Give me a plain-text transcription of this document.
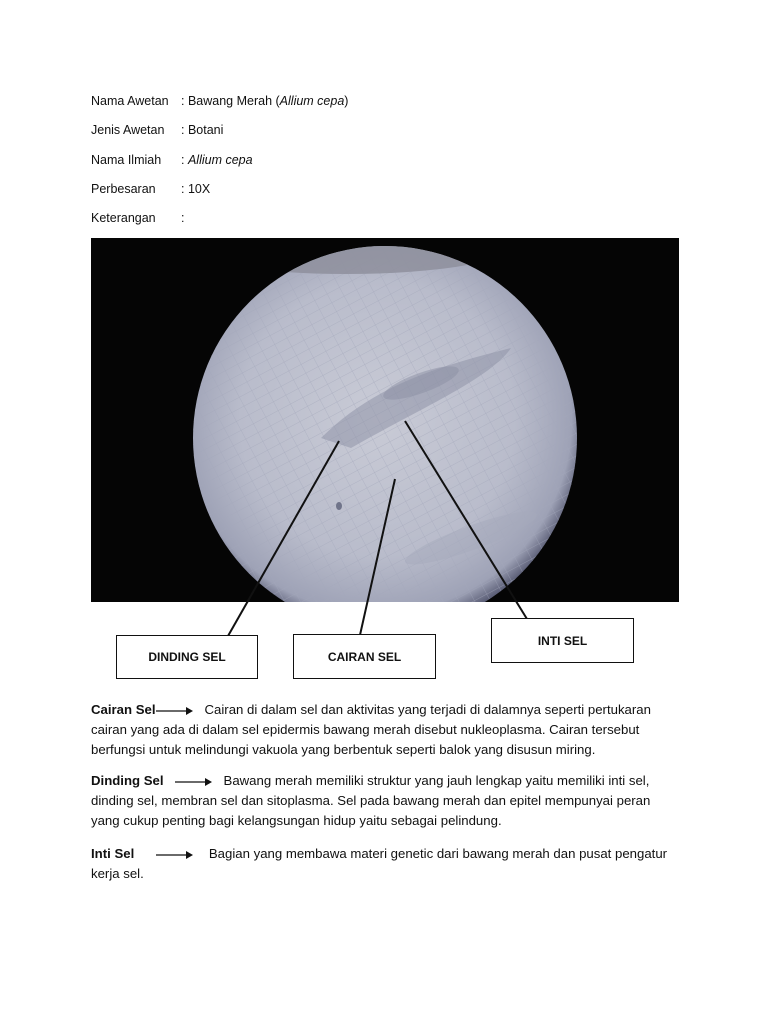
Nama Awetan : Bawang Merah (Allium cepa)
Jenis Awetan	: Botani
Nama Ilmiah	: Allium cepa
Perbesaran	: 10X
Keterangan	:
DINDING SEL	CAIRAN SEL
INTI SEL
Cairan Sel	Cairan di dalam sel dan aktivitas yang terjadi di dalamnya seperti pertukaran cairan yang ada di dalam sel epidermis bawang merah disebut nukleoplasma. Cairan tersebut berfungsi untuk melindungi vakuola yang berbentuk seperti balok yang disusun miring.
Dinding Sel	Bawang merah memiliki struktur yang jauh lengkap yaitu memiliki inti sel, dinding sel, membran sel dan sitoplasma. Sel pada bawang merah dan epitel mempunyai peran yang cukup penting bagi kelangsungan hidup yaitu sebagai pelindung.
Inti Sel	Bagian yang membawa materi genetic dari bawang merah dan pusat pengatur kerja sel.
